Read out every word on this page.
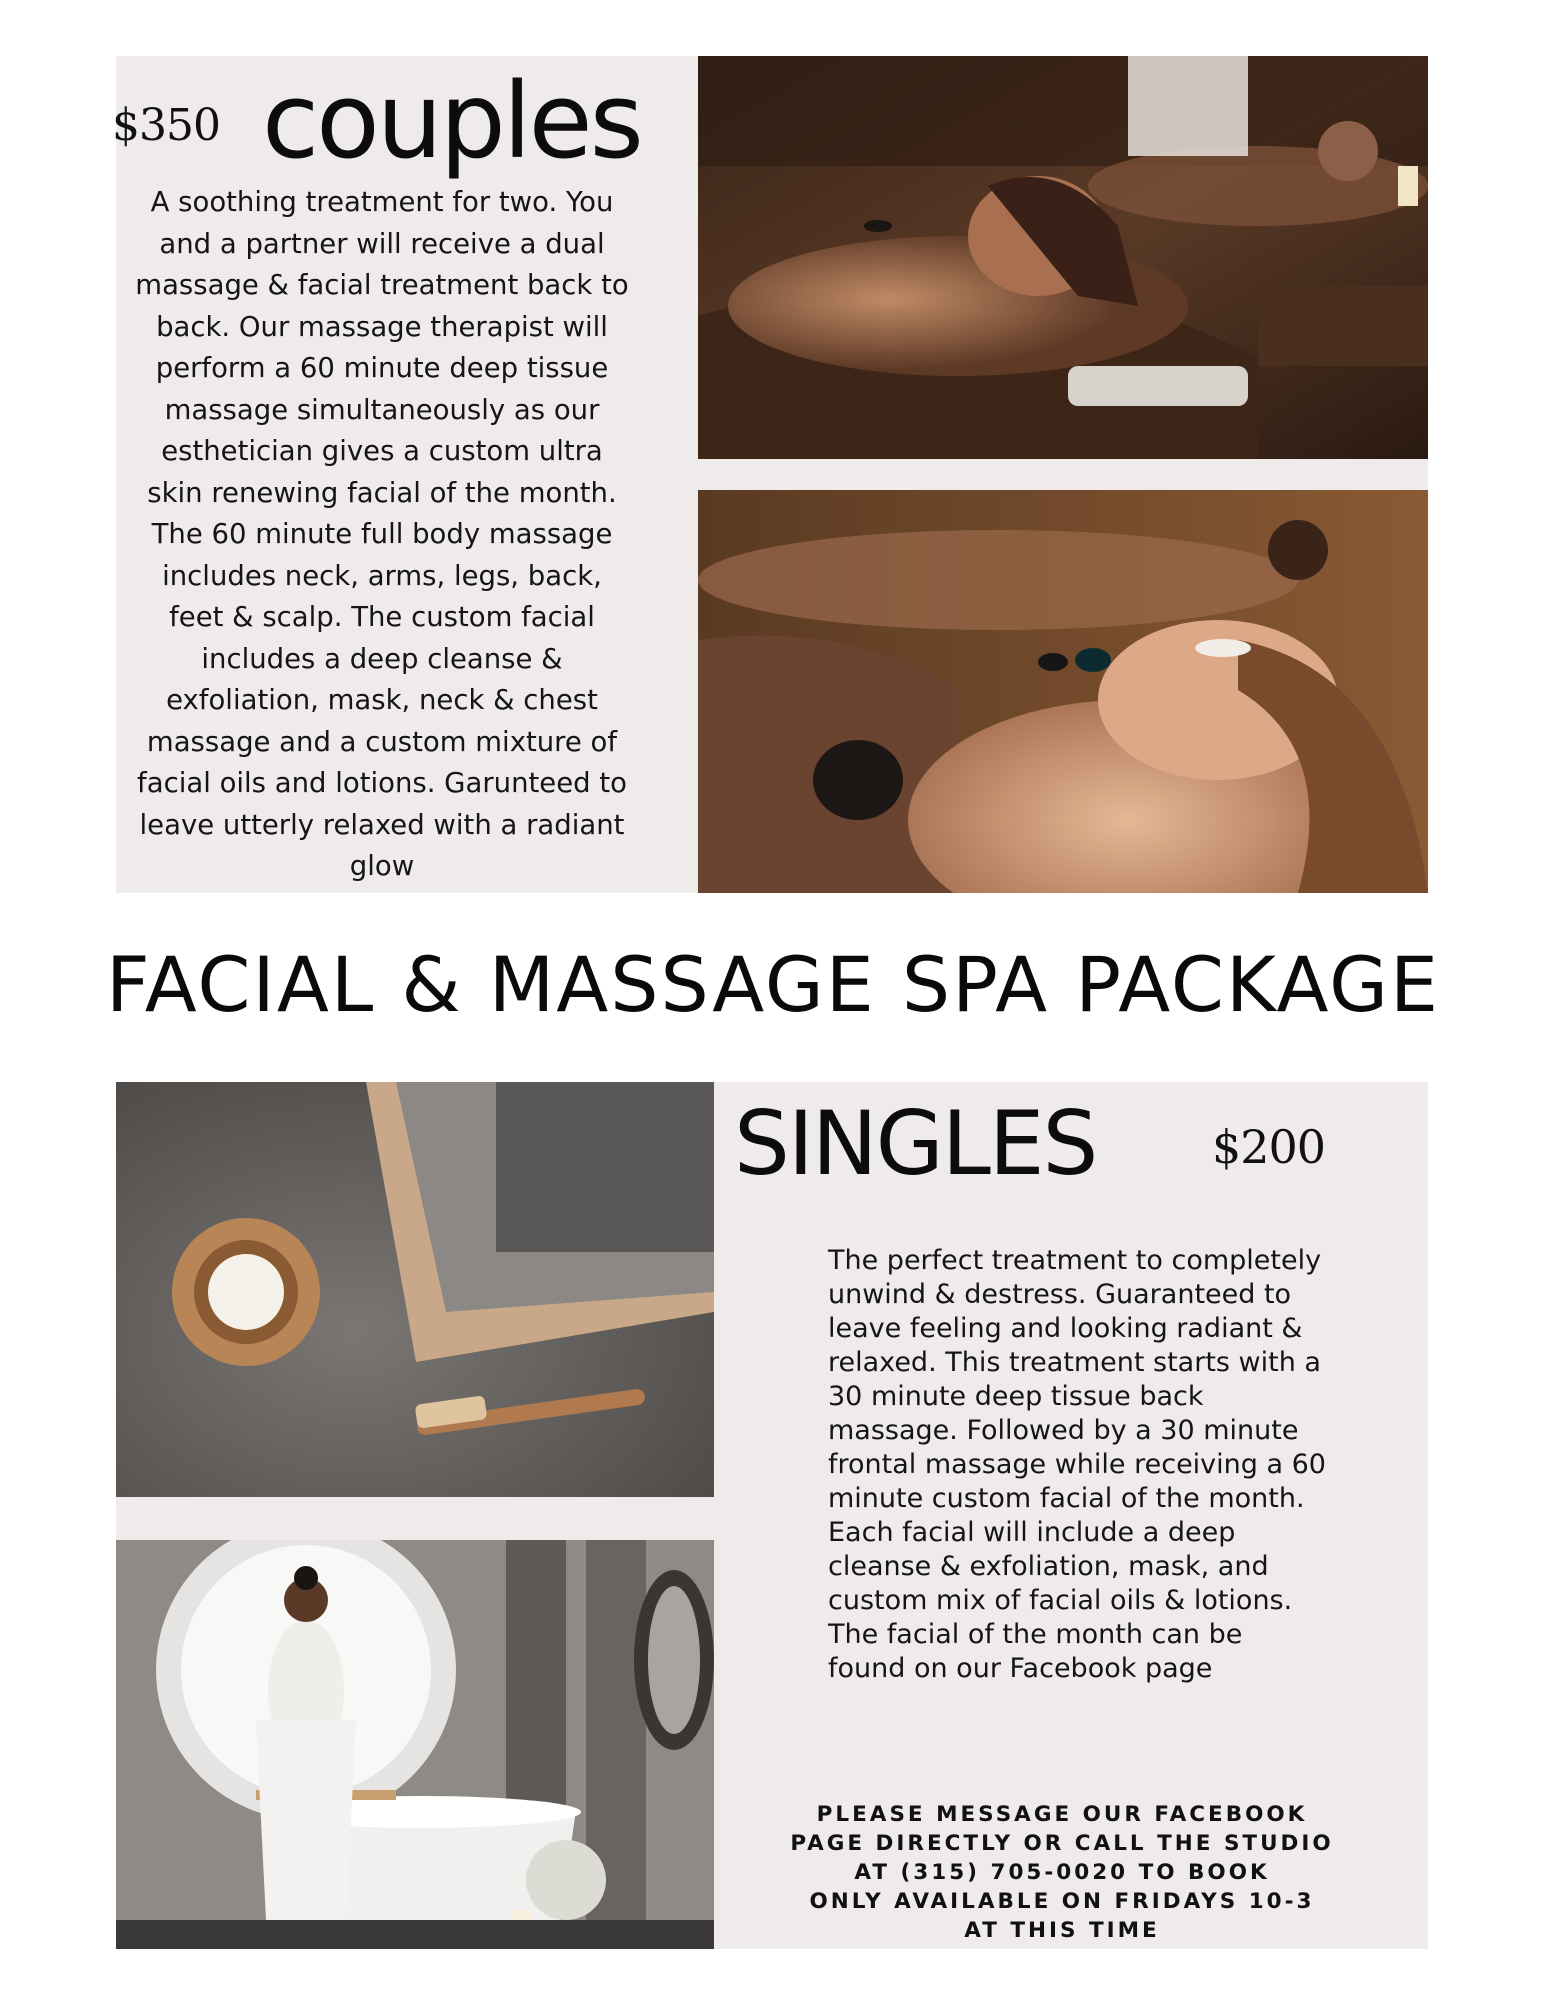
$350 couples
A soothing treatment for two. You and a partner will receive a dual massage & facial treatment back to back. Our massage therapist will perform a 60 minute deep tissue massage simultaneously as our esthetician gives a custom ultra skin renewing facial of the month. The 60 minute full body massage includes neck, arms, legs, back, feet & scalp. The custom facial includes a deep cleanse & exfoliation, mask, neck & chest massage and a custom mixture of facial oils and lotions. Garunteed to leave utterly relaxed with a radiant glow
FACIAL & MASSAGE SPA PACKAGE
SINGLES	$200
The perfect treatment to completely unwind & destress. Guaranteed to leave feeling and looking radiant & relaxed. This treatment starts with a 30 minute deep tissue back massage. Followed by a 30 minute frontal massage while receiving a 60 minute custom facial of the month. Each facial will include a deep cleanse & exfoliation, mask, and custom mix of facial oils & lotions. The facial of the month can be found on our Facebook page
PLEASE MESSAGE OUR FACEBOOK
PAGE DIRECTLY OR CALL THE STUDIO
AT (315) 705-0020 TO BOOK
ONLY AVAILABLE ON FRIDAYS 10-3
AT THIS TIME
